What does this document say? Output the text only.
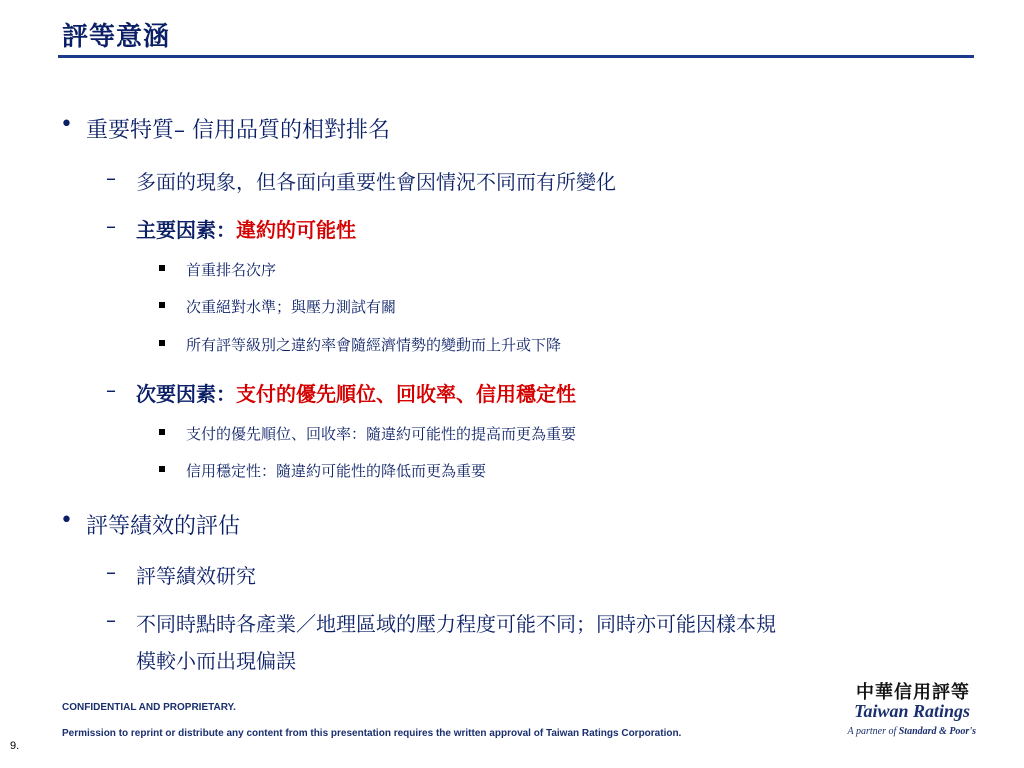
評等意涵
• 重要特質– 信用品質的相對排名
– 多面的現象，但各面向重要性會因情況不同而有所變化
– 主要因素：違約的可能性
首重排名次序
次重絕對水準；與壓力測試有關
所有評等級別之違約率會隨經濟情勢的變動而上升或下降
– 次要因素：支付的優先順位、回收率、信用穩定性
支付的優先順位、回收率：隨違約可能性的提高而更為重要
信用穩定性：隨違約可能性的降低而更為重要
• 評等績效的評估
– 評等績效研究
– 不同時點時各產業／地理區域的壓力程度可能不同；同時亦可能因樣本規
模較小而出現偏誤
CONFIDENTIAL AND PROPRIETARY.
Permission to reprint or distribute any content from this presentation requires the written approval of Taiwan Ratings Corporation.
9.
中華信用評等
Taiwan Ratings
A partner of Standard & Poor's
